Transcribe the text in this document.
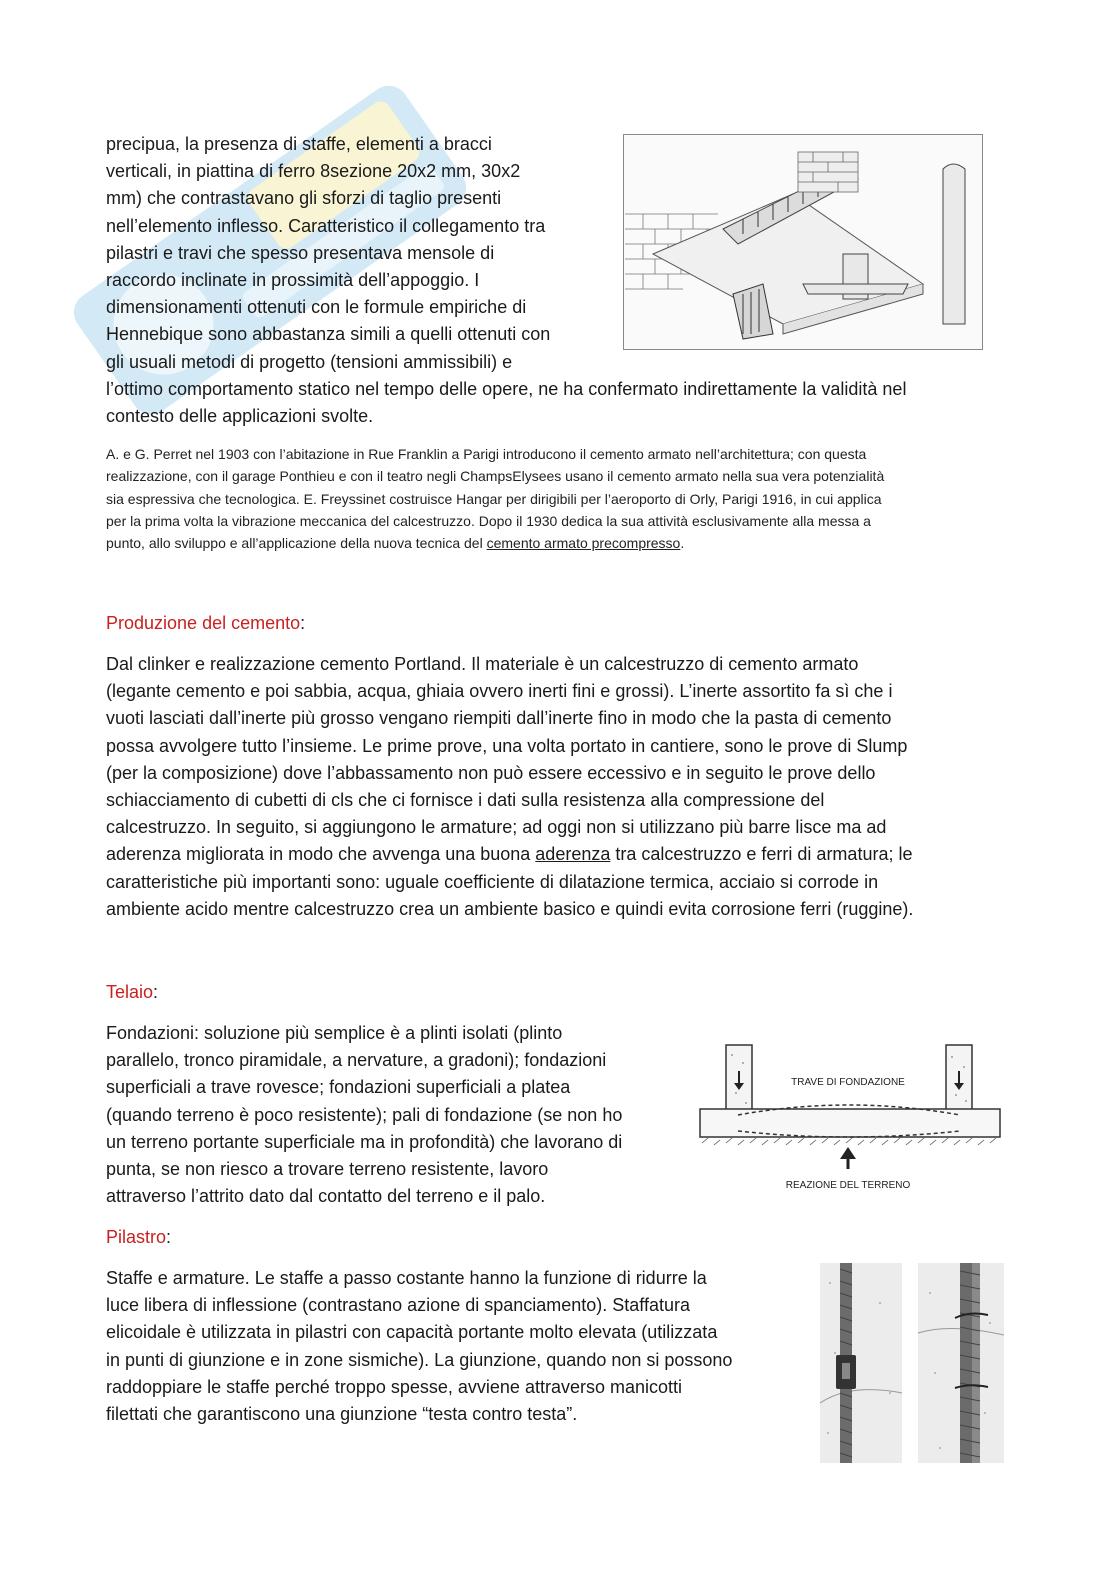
precipua, la presenza di staffe, elementi a bracci
verticali, in piattina di ferro 8sezione 20x2 mm, 30x2
mm) che contrastavano gli sforzi di taglio presenti
nell’elemento inflesso. Caratteristico il collegamento tra
pilastri e travi che spesso presentava mensole di
raccordo inclinate in prossimità dell’appoggio. I
dimensionamenti ottenuti con le formule empiriche di
Hennebique sono abbastanza simili a quelli ottenuti con
gli usuali metodi di progetto (tensioni ammissibili) e
l’ottimo comportamento statico nel tempo delle opere, ne ha confermato indirettamente la validità nel
contesto delle applicazioni svolte.
A. e G. Perret nel 1903 con l’abitazione in Rue Franklin a Parigi introducono il cemento armato nell’architettura; con questa
realizzazione, con il garage Ponthieu e con il teatro negli ChampsElysees usano il cemento armato nella sua vera potenzialità
sia espressiva che tecnologica. E. Freyssinet costruisce Hangar per dirigibili per l’aeroporto di Orly, Parigi 1916, in cui applica
per la prima volta la vibrazione meccanica del calcestruzzo. Dopo il 1930 dedica la sua attività esclusivamente alla messa a
punto, allo sviluppo e all’applicazione della nuova tecnica del cemento armato precompresso.
Produzione del cemento:
Dal clinker e realizzazione cemento Portland. Il materiale è un calcestruzzo di cemento armato
(legante cemento e poi sabbia, acqua, ghiaia ovvero inerti fini e grossi). L’inerte assortito fa sì che i
vuoti lasciati dall’inerte più grosso vengano riempiti dall’inerte fino in modo che la pasta di cemento
possa avvolgere tutto l’insieme. Le prime prove, una volta portato in cantiere, sono le prove di Slump
(per la composizione) dove l’abbassamento non può essere eccessivo e in seguito le prove dello
schiacciamento di cubetti di cls che ci fornisce i dati sulla resistenza alla compressione del
calcestruzzo. In seguito, si aggiungono le armature; ad oggi non si utilizzano più barre lisce ma ad
aderenza migliorata in modo che avvenga una buona aderenza tra calcestruzzo e ferri di armatura; le
caratteristiche più importanti sono: uguale coefficiente di dilatazione termica, acciaio si corrode in
ambiente acido mentre calcestruzzo crea un ambiente basico e quindi evita corrosione ferri (ruggine).
Telaio:
Fondazioni: soluzione più semplice è a plinti isolati (plinto
parallelo, tronco piramidale, a nervature, a gradoni); fondazioni
superficiali a trave rovesce; fondazioni superficiali a platea
(quando terreno è poco resistente); pali di fondazione (se non ho
un terreno portante superficiale ma in profondità) che lavorano di
punta, se non riesco a trovare terreno resistente, lavoro
attraverso l’attrito dato dal contatto del terreno e il palo.
TRAVE DI FONDAZIONE
REAZIONE DEL TERRENO
Pilastro:
Staffe e armature. Le staffe a passo costante hanno la funzione di ridurre la
luce libera di inflessione (contrastano azione di spanciamento). Staffatura
elicoidale è utilizzata in pilastri con capacità portante molto elevata (utilizzata
in punti di giunzione e in zone sismiche). La giunzione, quando non si possono
raddoppiare le staffe perché troppo spesse, avviene attraverso manicotti
filettati che garantiscono una giunzione “testa contro testa”.
